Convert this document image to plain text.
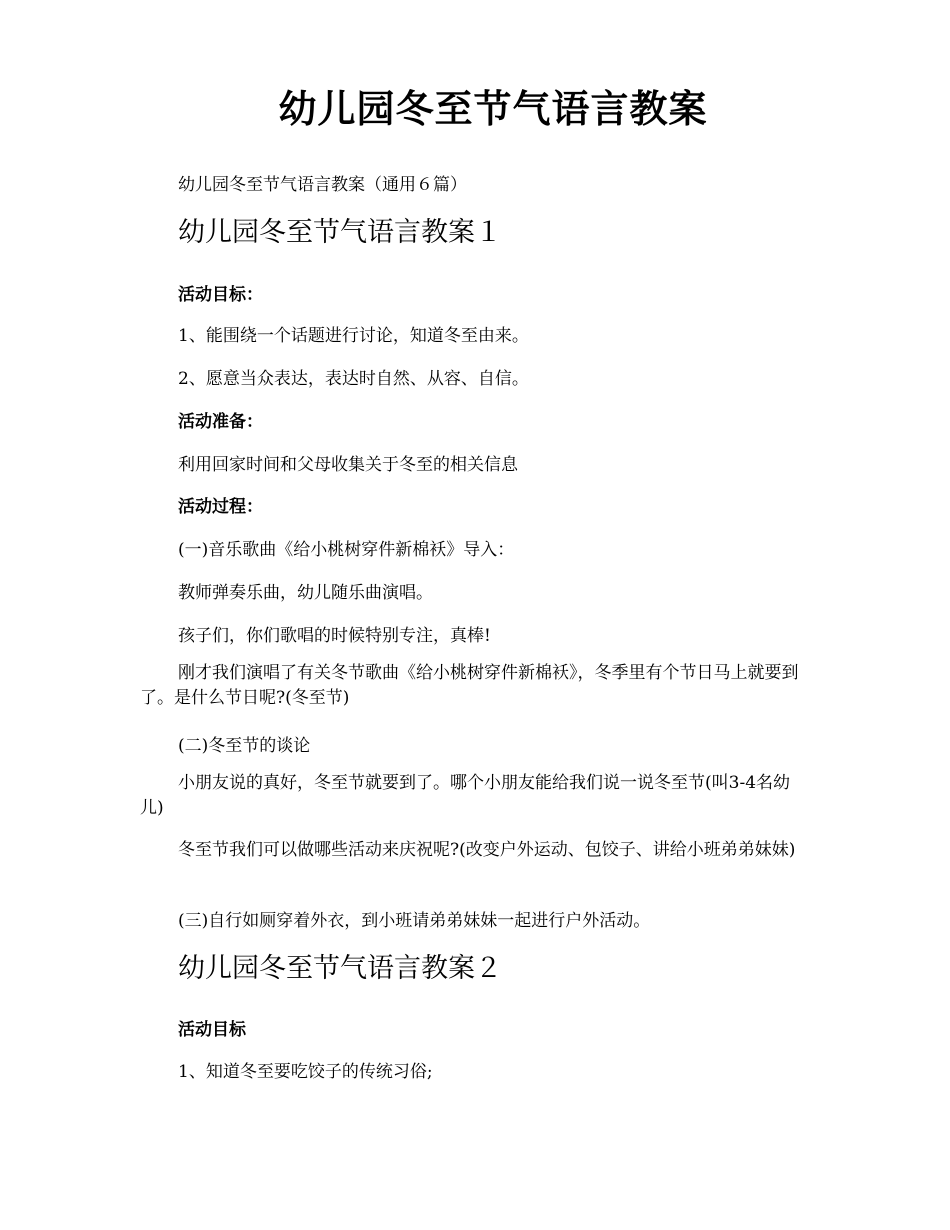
幼儿园冬至节气语言教案
幼儿园冬至节气语言教案（通用６篇）
幼儿园冬至节气语言教案１
活动目标：
1、能围绕一个话题进行讨论，知道冬至由来。
2、愿意当众表达，表达时自然、从容、自信。
活动准备：
利用回家时间和父母收集关于冬至的相关信息
活动过程：
(一)音乐歌曲《给小桃树穿件新棉袄》导入：
教师弹奏乐曲，幼儿随乐曲演唱。
孩子们，你们歌唱的时候特别专注，真棒!
刚才我们演唱了有关冬节歌曲《给小桃树穿件新棉袄》，冬季里有个节日马上就要到了。是什么节日呢?(冬至节)
(二)冬至节的谈论
小朋友说的真好，冬至节就要到了。哪个小朋友能给我们说一说冬至节(叫3-4名幼儿)
冬至节我们可以做哪些活动来庆祝呢?(改变户外运动、包饺子、讲给小班弟弟妹妹)
(三)自行如厕穿着外衣，到小班请弟弟妹妹一起进行户外活动。
幼儿园冬至节气语言教案２
活动目标
1、知道冬至要吃饺子的传统习俗;
